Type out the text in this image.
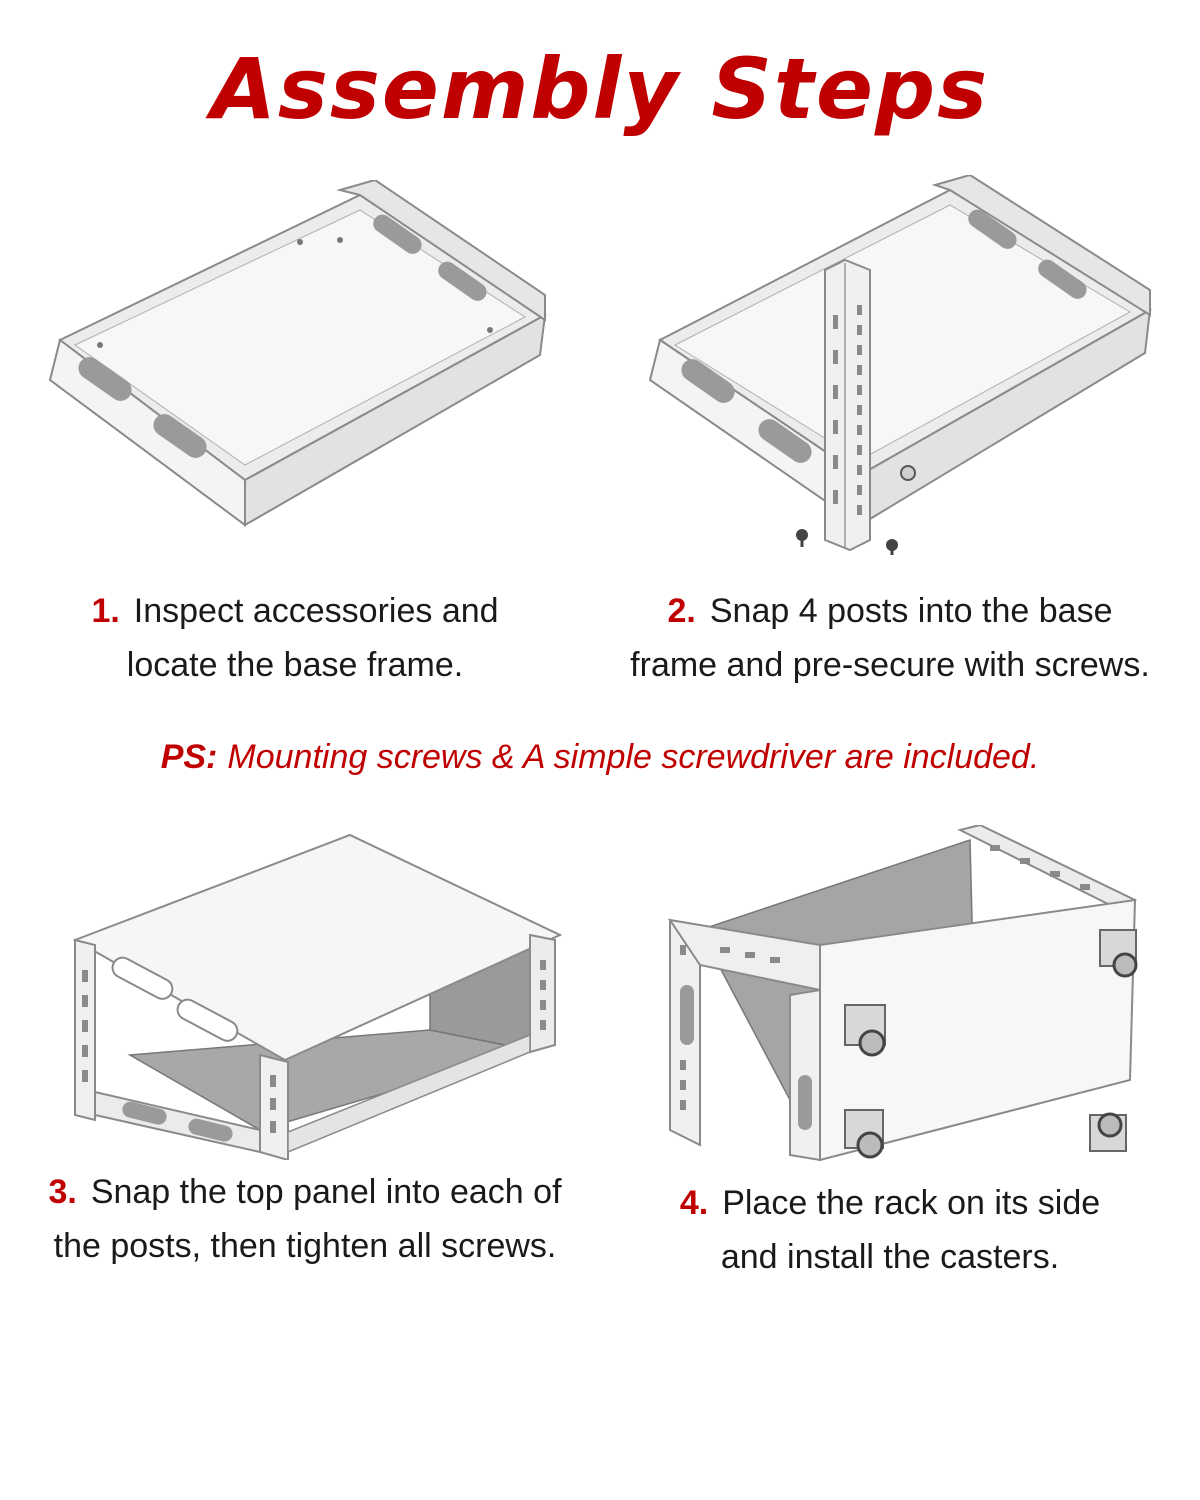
Assembly Steps
1. Inspect accessories and
locate the base frame.
2. Snap 4 posts into the base
frame and pre-secure with screws.
PS: Mounting screws & A simple screwdriver are included.
3. Snap the top panel into each of
the posts, then tighten all screws.
4. Place the rack on its side
and install the casters.
